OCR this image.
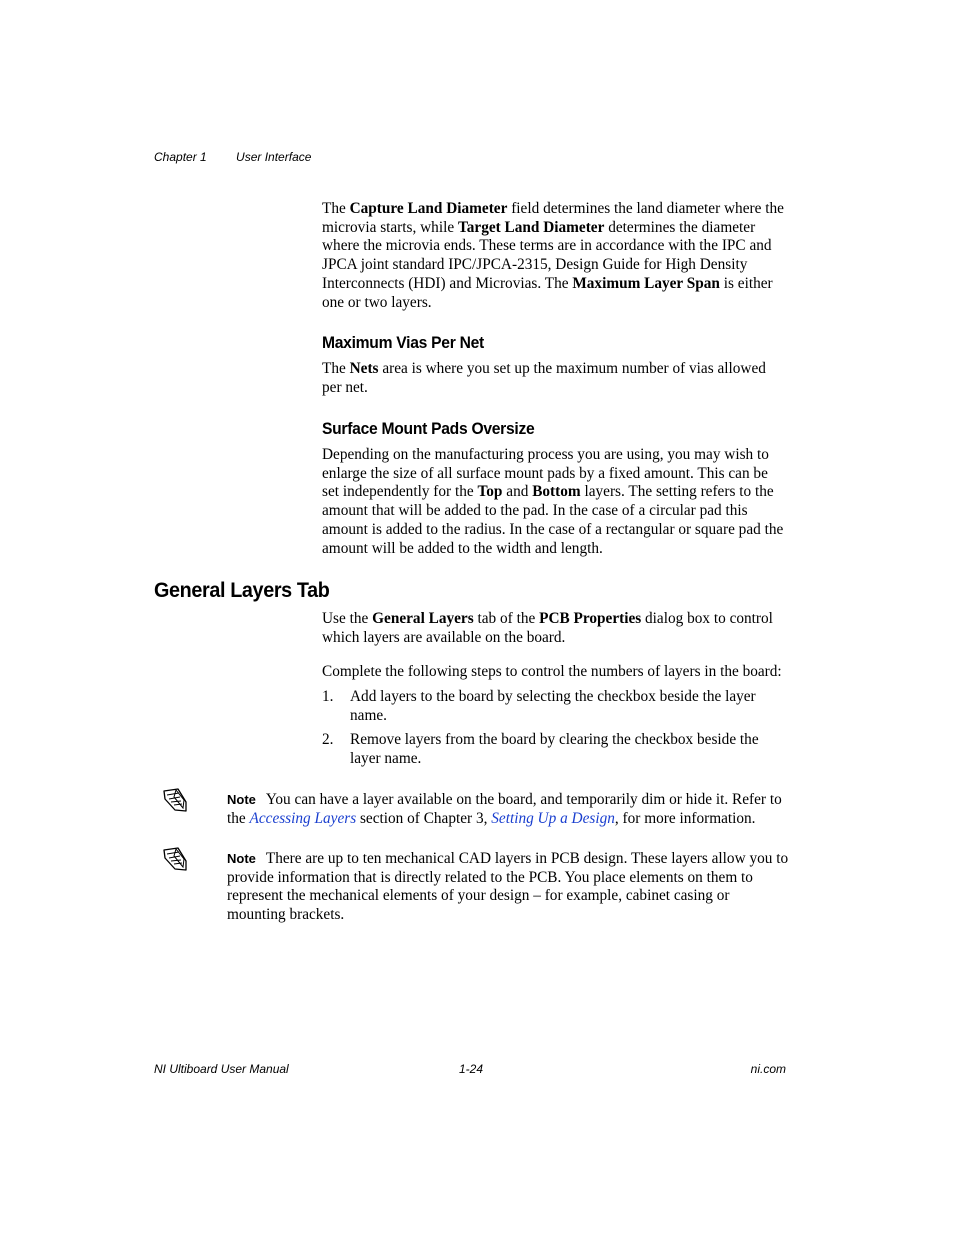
Chapter 1 User Interface

The Capture Land Diameter field determines the land diameter where the microvia starts, while Target Land Diameter determines the diameter where the microvia ends. These terms are in accordance with the IPC and JPCA joint standard IPC/JPCA-2315, Design Guide for High Density Interconnects (HDI) and Microvias. The Maximum Layer Span is either one or two layers.

Maximum Vias Per Net

The Nets area is where you set up the maximum number of vias allowed per net.

Surface Mount Pads Oversize

Depending on the manufacturing process you are using, you may wish to enlarge the size of all surface mount pads by a fixed amount. This can be set independently for the Top and Bottom layers. The setting refers to the amount that will be added to the pad. In the case of a circular pad this amount is added to the radius. In the case of a rectangular or square pad the amount will be added to the width and length.

General Layers Tab

Use the General Layers tab of the PCB Properties dialog box to control which layers are available on the board.

Complete the following steps to control the numbers of layers in the board:

1. Add layers to the board by selecting the checkbox beside the layer name.
2. Remove layers from the board by clearing the checkbox beside the layer name.

Note You can have a layer available on the board, and temporarily dim or hide it. Refer to the Accessing Layers section of Chapter 3, Setting Up a Design, for more information.

Note There are up to ten mechanical CAD layers in PCB design. These layers allow you to provide information that is directly related to the PCB. You place elements on them to represent the mechanical elements of your design – for example, cabinet casing or mounting brackets.

NI Ultiboard User Manual	1-24	ni.com
